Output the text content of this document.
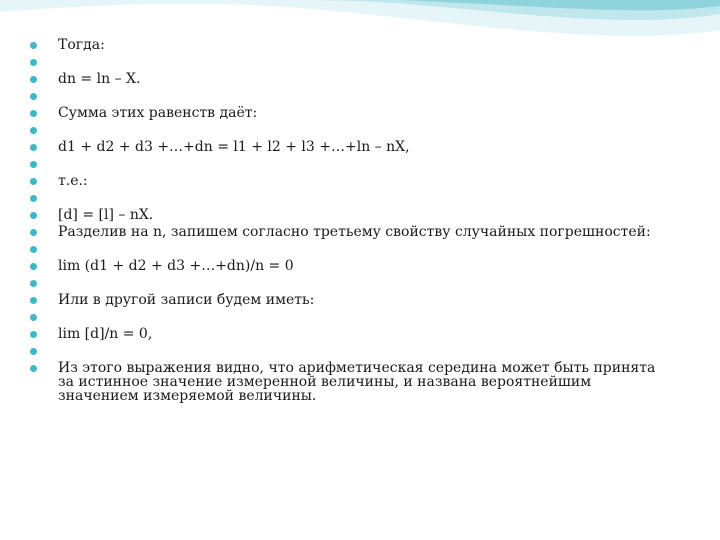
Тогда:

dn = ln – X.

Сумма этих равенств даёт:

d1 + d2 + d3 +…+dn = l1 + l2 + l3 +…+ln – nX,

т.е.:

[d] = [l] – nX.
Разделив на n, запишем согласно третьему свойству случайных погрешностей:

lim (d1 + d2 + d3 +…+dn)/n = 0

Или в другой записи будем иметь:

lim [d]/n = 0,

Из этого выражения видно, что арифметическая середина может быть принята за истинное значение измеренной величины, и названа вероятнейшим значением измеряемой величины.
